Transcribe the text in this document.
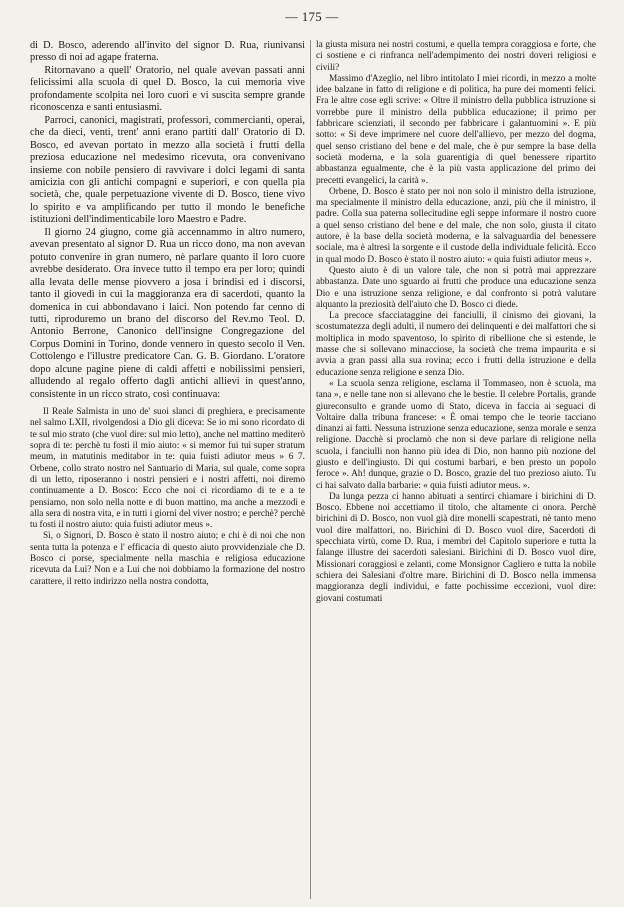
— 175 —

di D. Bosco, aderendo all'invito del signor D. Rua, riunivansi presso di noi ad agape fraterna.

Ritornavano a quell' Oratorio, nel quale avevan passati anni felicissimi alla scuola di quel D. Bosco, la cui memoria vive profondamente scolpita nei loro cuori e vi suscita sempre grande riconoscenza e santi entusiasmi.

Parroci, canonici, magistrati, professori, commercianti, operai, che da dieci, venti, trent' anni erano partiti dall' Oratorio di D. Bosco, ed avevan portato in mezzo alla società i frutti della preziosa educazione nel medesimo ricevuta, ora convenivano insieme con nobile pensiero di ravvivare i dolci legami di santa amicizia con gli antichi compagni e superiori, e con quella pia società, che, quale perpetuazione vivente di D. Bosco, tiene vivo lo spirito e va amplificando per tutto il mondo le benefiche istituzioni dell'indimenticabile loro Maestro e Padre.

Il giorno 24 giugno, come già accennammo in altro numero, avevan presentato al signor D. Rua un ricco dono, ma non avevan potuto convenire in gran numero, nè parlare quanto il loro cuore avrebbe desiderato. Ora invece tutto il tempo era per loro; quindi alla levata delle mense piovvero a josa i brindisi ed i discorsi, tanto il giovedì in cui la maggioranza era di sacerdoti, quanto la domenica in cui abbondavano i laici. Non potendo far cenno di tutti, riproduremo un brano del discorso del Rev.mo Teol. D. Antonio Berrone, Canonico dell'insigne Congregazione del Corpus Domini in Torino, donde vennero in questo secolo il Ven. Cottolengo e l'illustre predicatore Can. G. B. Giordano. L'oratore dopo alcune pagine piene di caldi affetti e nobilissimi pensieri, alludendo al regalo offerto dagli antichi allievi in quest'anno, consistente in un ricco strato, così continuava:

Il Reale Salmista in uno de' suoi slanci di preghiera, e precisamente nel salmo LXII, rivolgendosi a Dio gli diceva: Se io mi sono ricordato di te sul mio strato (che vuol dire: sul mio letto), anche nel mattino mediterò sopra di te: perchè tu fosti il mio aiuto: « si memor fui tui super stratum meum, in matutinis meditabor in te: quia fuisti adiutor meus » 6 7. Orbene, collo strato nostro nel Santuario di Maria, sul quale, come sopra di un letto, riposeranno i nostri pensieri e i nostri affetti, noi diremo continuamente a D. Bosco: Ecco che noi ci ricordiamo di te e a te pensiamo, non solo nella notte e di buon mattino, ma anche a mezzodì e alla sera di nostra vita, e in tutti i giorni del viver nostro; e perchè? perchè tu fosti il nostro aiuto: quia fuisti adiutor meus ».

Sì, o Signori, D. Bosco è stato il nostro aiuto; e chi è di noi che non senta tutta la potenza e l' efficacia di questo aiuto provvidenziale che D. Bosco ci porse, specialmente nella maschia e religiosa educazione ricevuta da Lui? Non e a Lui che noi dobbiamo la formazione del nostro carattere, il retto indirizzo nella nostra condotta,

la giusta misura nei nostri costumi, e quella tempra coraggiosa e forte, che ci sostiene e ci rinfranca nell'adempimento dei nostri doveri religiosi e civili?

Massimo d'Azeglio, nel libro intitolato I miei ricordi, in mezzo a molte idee balzane in fatto di religione e di politica, ha pure dei momenti felici. Fra le altre cose egli scrive: « Oltre il ministro della pubblica istruzione si vorrebbe pure il ministro della pubblica educazione; il primo per fabbricare scienziati, il secondo per fabbricare i galantuomini ». E più sotto: « Si deve imprimere nel cuore dell'allievo, per mezzo del dogma, quel senso cristiano del bene e del male, che è pur sempre la base della società moderna, e la sola guarentigia di quel benessere ripartito abbastanza egualmente, che è la più vasta applicazione del primo dei precetti evangelici, la carità ».

Orbene, D. Bosco è stato per noi non solo il ministro della istruzione, ma specialmente il ministro della educazione, anzi, più che il ministro, il padre. Colla sua paterna sollecitudine egli seppe informare il nostro cuore a quel senso cristiano del bene e del male, che non solo, giusta il citato autore, è la base della società moderna, e la salvaguardia del benessere sociale, ma è altresì la sorgente e il custode della individuale felicità. Ecco in qual modo D. Bosco è stato il nostro aiuto: « quia fuisti adiutor meus ».

Questo aiuto è di un valore tale, che non si potrà mai apprezzare abbastanza. Date uno sguardo ai frutti che produce una educazione senza Dio e una istruzione senza religione, e dal confronto si potrà valutare alquanto la preziosità dell'aiuto che D. Bosco ci diede.

La precoce sfacciataggine dei fanciulli, il cinismo dei giovani, la scostumatezza degli adulti, il numero dei delinquenti e dei malfattori che si moltiplica in modo spaventoso, lo spirito di ribellione che si estende, le masse che si sollevano minacciose, la società che trema impaurita e si avvia a gran passi alla sua rovina; ecco i frutti della istruzione e della educazione senza religione e senza Dio.

« La scuola senza religione, esclama il Tommaseo, non è scuola, ma tana », e nelle tane non si allevano che le bestie. Il celebre Portalis, grande giureconsulto e grande uomo di Stato, diceva in faccia ai seguaci di Voltaire dalla tribuna francese: « È omai tempo che le teorie tacciano dinanzi ai fatti. Nessuna istruzione senza educazione, senza morale e senza religione. Dacchè si proclamò che non si deve parlare di religione nella scuola, i fanciulli non hanno più idea di Dio, non hanno più nozione del giusto e dell'ingiusto. Di qui costumi barbari, e ben presto un popolo feroce ». Ah! dunque, grazie o D. Bosco, grazie del tuo prezioso aiuto. Tu ci hai salvato dalla barbarie: « quia fuisti adiutor meus. ».

Da lunga pezza ci hanno abituati a sentirci chiamare i birichini di D. Bosco. Ebbene noi accettiamo il titolo, che altamente ci onora. Perchè birichini di D. Bosco, non vuol già dire monelli scapestrati, nè tanto meno vuol dire malfattori, no. Birichini di D. Bosco vuol dire, Sacerdoti di specchiata virtù, come D. Rua, i membri del Capitolo superiore e tutta la falange illustre dei sacerdoti salesiani. Birichini di D. Bosco vuol dire, Missionari coraggiosi e zelanti, come Monsignor Cagliero e tutta la nobile schiera dei Salesiani d'oltre mare. Birichini di D. Bosco nella immensa maggioranza degli individui, e fatte pochissime eccezioni, vuol dire: giovani costumati
